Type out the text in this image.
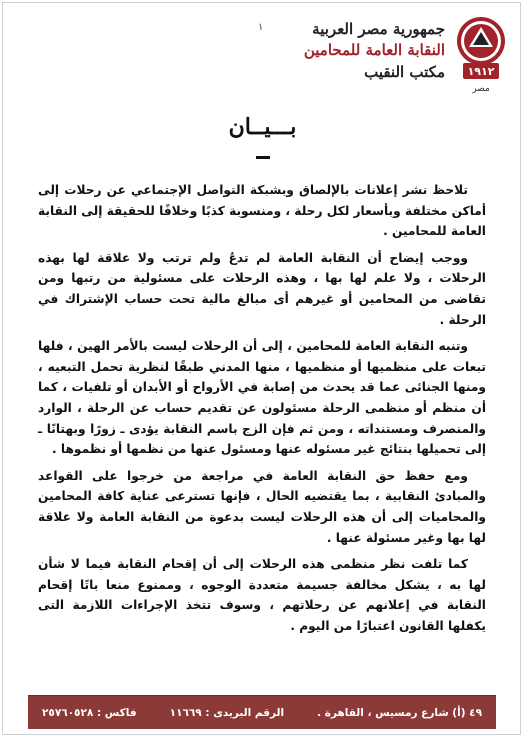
١	جمهورية مصر العربية
النقابة العامة للمحامين
مكتب النقيب ١٩١٢
مصر
بـــيــان

تلاحظ نشر إعلانات بالإلصاق وبشبكة التواصل الإجتماعي عن رحلات إلى أماكن مختلفة وبأسعار لكل رحلة ، ومنسوبة كذبًا وخلافًا للحقيقة إلى النقابة العامة للمحامين .

ووجب إيضاح أن النقابة العامة لم تدعُ ولم ترتب ولا علاقة لها بهذه الرحلات ، ولا علم لها بها ، وهذه الرحلات على مسئولية من رتبها ومن تقاضى من المحامين أو غيرهم أى مبالغ مالية تحت حساب الإشتراك في الرحلة .

وتنبه النقابة العامة للمحامين ، إلى أن الرحلات ليست بالأمر الهين ، فلها تبعات على منظميها أو منظميها ، منها المدني طبقًا لنظرية تحمل التبعيه ، ومنها الجنائى عما قد يحدث من إصابة في الأرواح أو الأبدان أو تلفيات ، كما أن منظم أو منظمى الرحلة مسئولون عن تقديم حساب عن الرحلة ، الوارد والمنصرف ومستنداته ، ومن ثم فإن الزج باسم النقابة يؤدى ـ زورًا وبهتانًا ـ إلى تحميلها بنتائج غير مسئوله عنها ومسئول عنها من نظمها أو نظموها .

ومع حفظ حق النقابة العامة في مراجعة من خرجوا على القواعد والمبادئ النقابية ، بما يقتضيه الحال ، فإنها تسترعى عناية كافة المحامين والمحاميات إلى أن هذه الرحلات ليست بدعوة من النقابة العامة ولا علاقة لها بها وغير مسئولة عنها .

كما تلفت نظر منظمى هذه الرحلات إلى أن إقحام النقابة فيما لا شأن لها به ، يشكل مخالفة جسيمة متعددة الوجوه ، وممنوع منعا باتًا إقحام النقابة في إعلانهم عن رحلاتهم ، وسوف تتخذ الإجراءات اللازمة التى يكفلها القانون اعتبارًا من اليوم .

٤٩ (أ) شارع رمسيس ، القاهرة .
الرقم البريدى : ١١٦٦٩
فاكس : ٢٥٧٦٠٥٢٨
